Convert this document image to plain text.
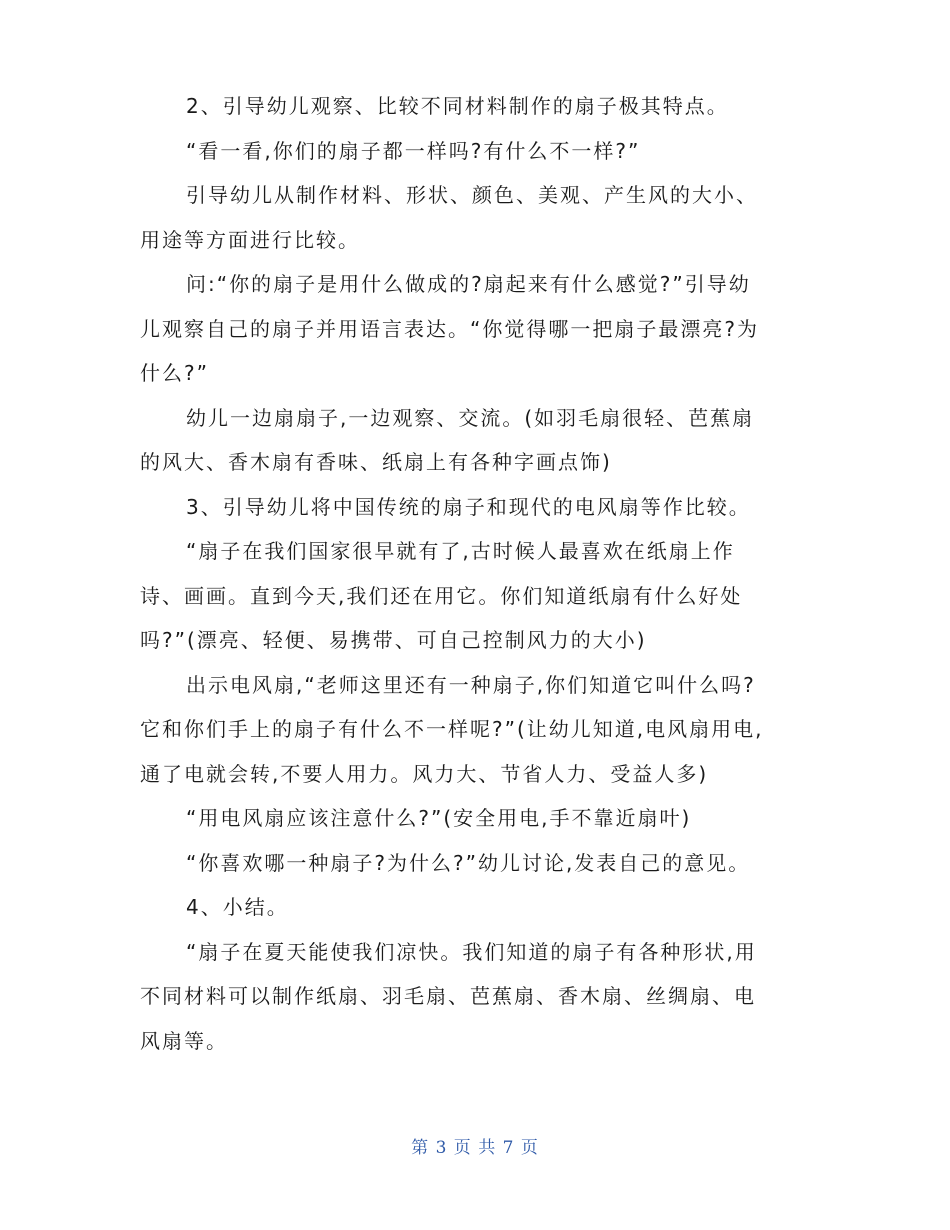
2、引导幼儿观察、比较不同材料制作的扇子极其特点。
“看一看,你们的扇子都一样吗?有什么不一样?”
引导幼儿从制作材料、形状、颜色、美观、产生风的大小、
用途等方面进行比较。
问:“你的扇子是用什么做成的?扇起来有什么感觉?”引导幼
儿观察自己的扇子并用语言表达。“你觉得哪一把扇子最漂亮?为
什么?”
幼儿一边扇扇子,一边观察、交流。(如羽毛扇很轻、芭蕉扇
的风大、香木扇有香味、纸扇上有各种字画点饰)
3、引导幼儿将中国传统的扇子和现代的电风扇等作比较。
“扇子在我们国家很早就有了,古时候人最喜欢在纸扇上作
诗、画画。直到今天,我们还在用它。你们知道纸扇有什么好处
吗?”(漂亮、轻便、易携带、可自己控制风力的大小)
出示电风扇,“老师这里还有一种扇子,你们知道它叫什么吗?
它和你们手上的扇子有什么不一样呢?”(让幼儿知道,电风扇用电,
通了电就会转,不要人用力。风力大、节省人力、受益人多)
“用电风扇应该注意什么?”(安全用电,手不靠近扇叶)
“你喜欢哪一种扇子?为什么?”幼儿讨论,发表自己的意见。
4、小结。
“扇子在夏天能使我们凉快。我们知道的扇子有各种形状,用
不同材料可以制作纸扇、羽毛扇、芭蕉扇、香木扇、丝绸扇、电
风扇等。
第 3 页 共 7 页
